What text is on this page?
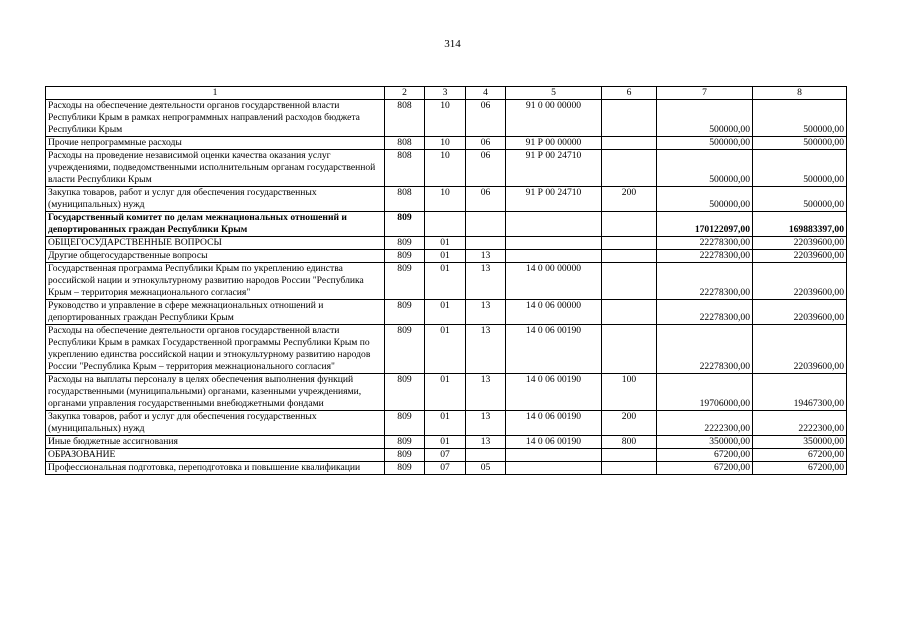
314
1	2	3	4	5	6	7	8
Расходы на обеспечение деятельности органов государственной власти Республики Крым в рамках непрограммных направлений расходов бюджета Республики Крым	808	10	06	91 0 00 00000		500000,00	500000,00
Прочие непрограммные расходы	808	10	06	91 Р 00 00000		500000,00	500000,00
Расходы на проведение независимой оценки качества оказания услуг учреждениями, подведомственными исполнительным органам государственной власти Республики Крым	808	10	06	91 Р 00 24710		500000,00	500000,00
Закупка товаров, работ и услуг для обеспечения государственных (муниципальных) нужд	808	10	06	91 Р 00 24710	200	500000,00	500000,00
Государственный комитет по делам межнациональных отношений и депортированных граждан Республики Крым	809					170122097,00	169883397,00
ОБЩЕГОСУДАРСТВЕННЫЕ ВОПРОСЫ	809	01				22278300,00	22039600,00
Другие общегосударственные вопросы	809	01	13			22278300,00	22039600,00
Государственная программа Республики Крым по укреплению единства российской нации и этнокультурному развитию народов России "Республика Крым – территория межнационального согласия"	809	01	13	14 0 00 00000		22278300,00	22039600,00
Руководство и управление в сфере межнациональных отношений и депортированных граждан Республики Крым	809	01	13	14 0 06 00000		22278300,00	22039600,00
Расходы на обеспечение деятельности органов государственной власти Республики Крым в рамках Государственной программы Республики Крым по укреплению единства российской нации и этнокультурному развитию народов России "Республика Крым – территория межнационального согласия"	809	01	13	14 0 06 00190		22278300,00	22039600,00
Расходы на выплаты персоналу в целях обеспечения выполнения функций государственными (муниципальными) органами, казенными учреждениями, органами управления государственными внебюджетными фондами	809	01	13	14 0 06 00190	100	19706000,00	19467300,00
Закупка товаров, работ и услуг для обеспечения государственных (муниципальных) нужд	809	01	13	14 0 06 00190	200	2222300,00	2222300,00
Иные бюджетные ассигнования	809	01	13	14 0 06 00190	800	350000,00	350000,00
ОБРАЗОВАНИЕ	809	07				67200,00	67200,00
Профессиональная подготовка, переподготовка и повышение квалификации	809	07	05			67200,00	67200,00
